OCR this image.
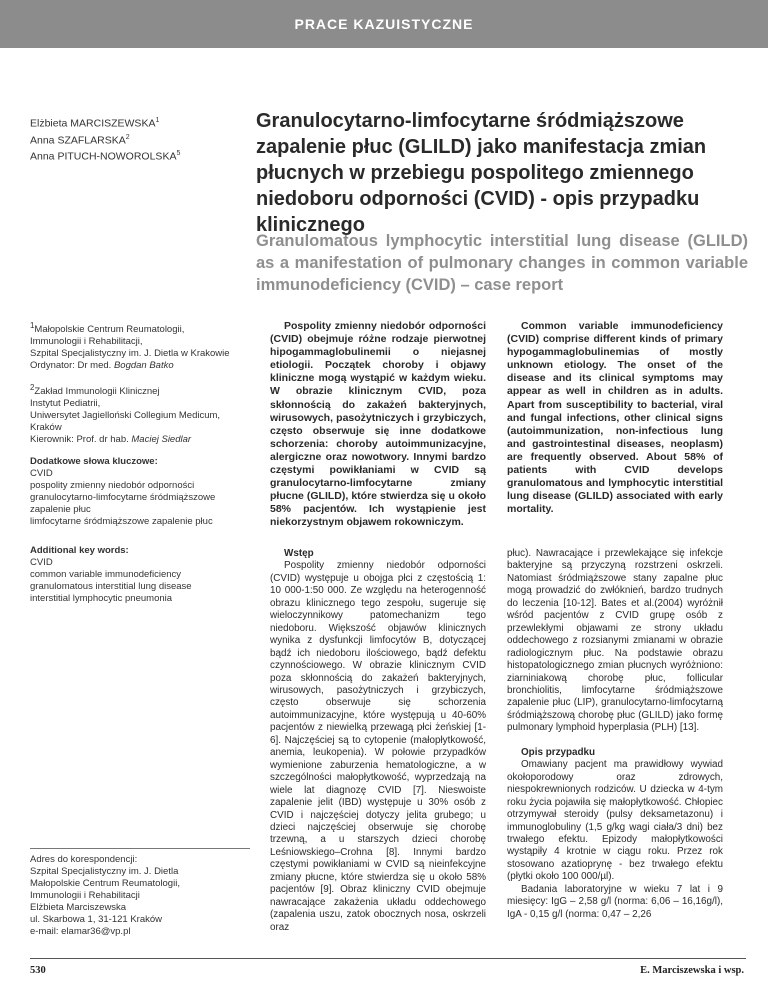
PRACE KAZUISTYCZNE
Elżbieta MARCISZEWSKA$^1$
Anna SZAFLARSKA$^2$
Anna PITUCH-NOWOROLSKA$^5$
Granulocytarno-limfocytarne śródmiąższowe zapalenie płuc (GLILD) jako manifestacja zmian płucnych w przebiegu pospolitego zmiennego niedoboru odporności (CVID) - opis przypadku klinicznego
Granulomatous lymphocytic interstitial lung disease (GLILD) as a manifestation of pulmonary changes in common variable immunodeficiency (CVID) – case report
$^1$Małopolskie Centrum Reumatologii,
Immunologii i Rehabilitacji,
Szpital Specjalistyczny im. J. Dietla w Krakowie
Ordynator: Dr med. Bogdan Batko
$^2$Zakład Immunologii Klinicznej
Instytut Pediatrii,
Uniwersytet Jagielloński Collegium Medicum, Kraków
Kierownik: Prof. dr hab. Maciej Siedlar
Dodatkowe słowa kluczowe:
CVID
pospolity zmienny niedobór odporności
granulocytarno-limfocytarne śródmiąższowe zapalenie płuc
limfocytarne śródmiąższowe zapalenie płuc
Additional key words:
CVID
common variable immunodeficiency
granulomatous interstitial lung disease
interstitial lymphocytic pneumonia
Adres do korespondencji:
Szpital Specjalistyczny im. J. Dietla
Małopolskie Centrum Reumatologii,
Immunologii i Rehabilitacji
Elżbieta Marciszewska
ul. Skarbowa 1, 31-121 Kraków
e-mail: elamar36@vp.pl

Pospolity zmienny niedobór odporności (CVID) obejmuje różne rodzaje pierwotnej hipogammaglobulinemii o niejasnej etiologii. Początek choroby i objawy kliniczne mogą wystąpić w każdym wieku. W obrazie klinicznym CVID, poza skłonnością do zakażeń bakteryjnych, wirusowych, pasożytniczych i grzybiczych, często obserwuje się inne dodatkowe schorzenia: choroby autoimmunizacyjne, alergiczne oraz nowotwory. Innymi bardzo częstymi powikłaniami w CVID są granulocytarno-limfocytarne zmiany płucne (GLILD), które stwierdza się u około 58% pacjentów. Ich wystąpienie jest niekorzystnym objawem rokowniczym.

Common variable immunodeficiency (CVID) comprise different kinds of primary hypogammaglobulinemias of mostly unknown etiology. The onset of the disease and its clinical symptoms may appear as well in children as in adults. Apart from susceptibility to bacterial, viral and fungal infections, other clinical signs (autoimmunization, non-infectious lung and gastrointestinal diseases, neoplasm) are frequently observed. About 58% of patients with CVID develops granulomatous and lymphocytic interstitial lung disease (GLILD) associated with early mortality.

Wstęp

Pospolity zmienny niedobór odporności (CVID) występuje u obojga płci z częstością 1: 10 000-1:50 000. Ze względu na heterogenność obrazu klinicznego tego zespołu, sugeruje się wieloczynnikowy patomechanizm tego niedoboru. Większość objawów klinicznych wynika z dysfunkcji limfocytów B, dotyczącej bądź ich niedoboru ilościowego, bądź defektu czynnościowego. W obrazie klinicznym CVID poza skłonnością do zakażeń bakteryjnych, wirusowych, pasożytniczych i grzybiczych, często obserwuje się schorzenia autoimmunizacyjne, które występują u 40-60% pacjentów z niewielką przewagą płci żeńskiej [1-6]. Najczęściej są to cytopenie (małopłytkowość, anemia, leukopenia). W połowie przypadków wymienione zaburzenia hematologiczne, a w szczególności małopłytkowość, wyprzedzają na wiele lat diagnozę CVID [7]. Nieswoiste zapalenie jelit (IBD) występuje u 30% osób z CVID i najczęściej dotyczy jelita grubego; u dzieci najczęściej obserwuje się chorobę trzewną, a u starszych dzieci chorobę Leśniowskiego–Crohna [8]. Innymi bardzo częstymi powikłaniami w CVID są nieinfekcyjne zmiany płucne, które stwierdza się u około 58% pacjentów [9]. Obraz kliniczny CVID obejmuje nawracające zakażenia układu oddechowego (zapalenia uszu, zatok obocznych nosa, oskrzeli oraz

płuc). Nawracające i przewlekające się infekcje bakteryjne są przyczyną rozstrzeni oskrzeli. Natomiast śródmiąższowe stany zapalne płuc mogą prowadzić do zwłóknień, bardzo trudnych do leczenia [10-12]. Bates et al.(2004) wyróżnił wśród pacjentów z CVID grupę osób z przewlekłymi objawami ze strony układu oddechowego z rozsianymi zmianami w obrazie radiologicznym płuc. Na podstawie obrazu histopatologicznego zmian płucnych wyróżniono: ziarniniakową chorobę płuc, follicular bronchiolitis, limfocytarne śródmiąższowe zapalenie płuc (LIP), granulocytarno-limfocytarną śródmiąższową chorobę płuc (GLILD) jako formę pulmonary lymphoid hyperplasia (PLH) [13].

Opis przypadku

Omawiany pacjent ma prawidłowy wywiad okołoporodowy oraz zdrowych, niespokrewnionych rodziców. U dziecka w 4-tym roku życia pojawiła się małopłytkowość. Chłopiec otrzymywał steroidy (pulsy deksametazonu) i immunoglobuliny (1,5 g/kg wagi ciała/3 dni) bez trwałego efektu. Epizody małopłytkowości wystąpiły 4 krotnie w ciągu roku. Przez rok stosowano azatioprynę - bez trwałego efektu (płytki około 100 000/µl).

Badania laboratoryjne w wieku 7 lat i 9 miesięcy: IgG – 2,58 g/l (norma: 6,06 – 16,16g/l), IgA - 0,15 g/l (norma: 0,47 – 2,26

530	E. Marciszewska i wsp.
